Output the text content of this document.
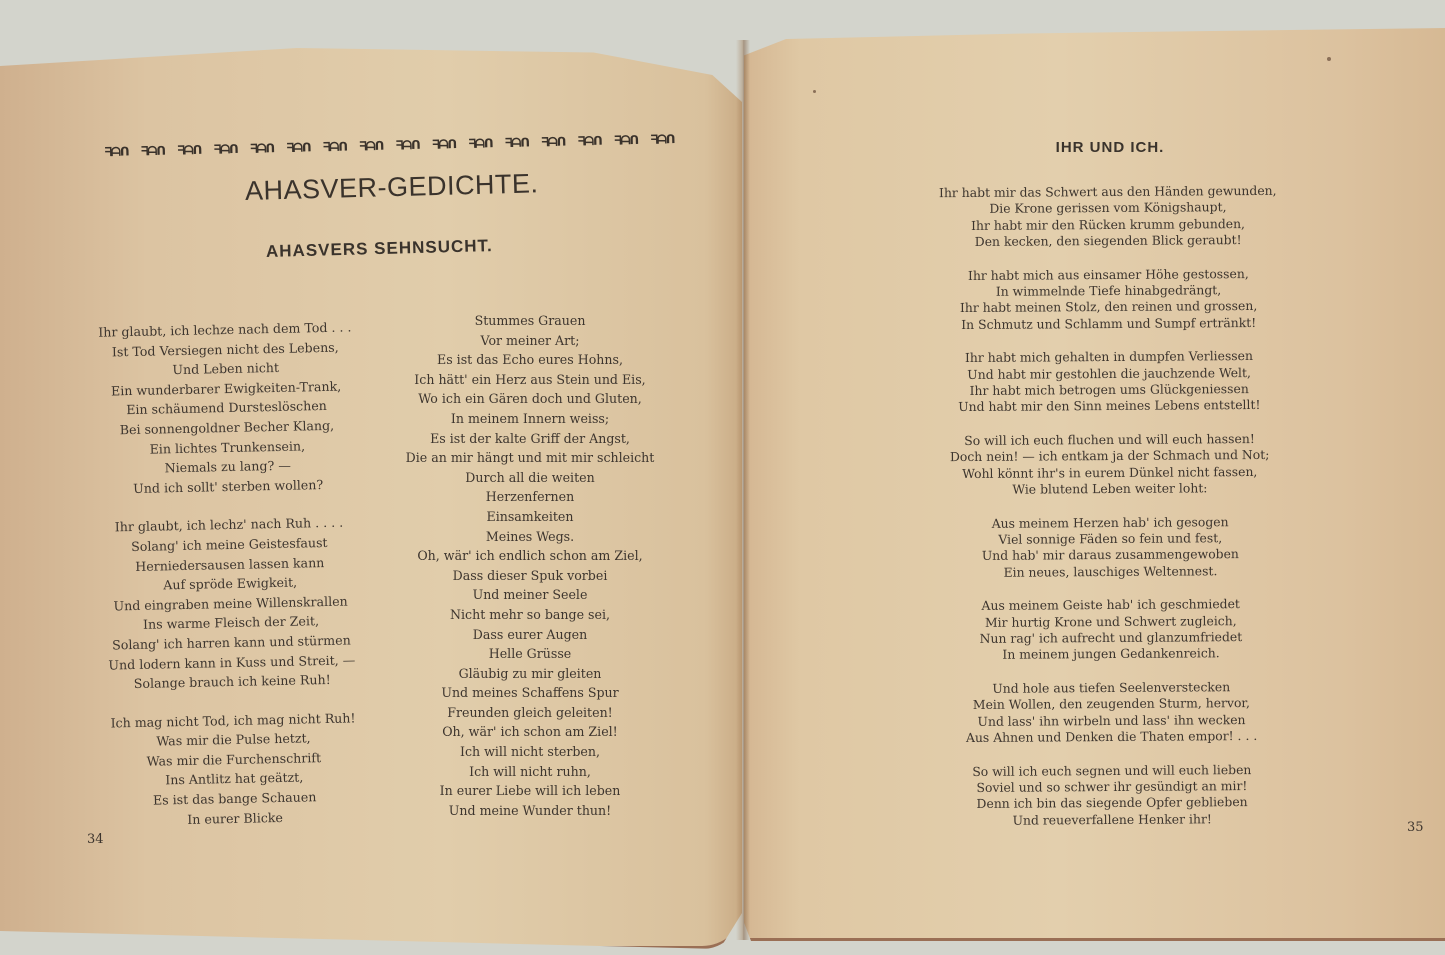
ᖷᗩᑎ ᖷᗩᑎ ᖷᗩᑎ ᖷᗩᑎ ᖷᗩᑎ ᖷᗩᑎ ᖷᗩᑎ ᖷᗩᑎ ᖷᗩᑎ ᖷᗩᑎ ᖷᗩᑎ ᖷᗩᑎ ᖷᗩᑎ ᖷᗩᑎ ᖷᗩᑎ ᖷᗩᑎ
AHASVER-GEDICHTE.
AHASVERS SEHNSUCHT.
Ihr glaubt, ich lechze nach dem Tod . . .
Ist Tod Versiegen nicht des Lebens,
Und Leben nicht
Ein wunderbarer Ewigkeiten-Trank,
Ein schäumend Dursteslöschen
Bei sonnengoldner Becher Klang,
Ein lichtes Trunkensein,
Niemals zu lang? —
Und ich sollt' sterben wollen?
Ihr glaubt, ich lechz' nach Ruh . . . .
Solang' ich meine Geistesfaust
Herniedersausen lassen kann
Auf spröde Ewigkeit,
Und eingraben meine Willenskrallen
Ins warme Fleisch der Zeit,
Solang' ich harren kann und stürmen
Und lodern kann in Kuss und Streit, —
Solange brauch ich keine Ruh!
Ich mag nicht Tod, ich mag nicht Ruh!
Was mir die Pulse hetzt,
Was mir die Furchenschrift
Ins Antlitz hat geätzt,
Es ist das bange Schauen
In eurer Blicke
Stummes Grauen
Vor meiner Art;
Es ist das Echo eures Hohns,
Ich hätt' ein Herz aus Stein und Eis,
Wo ich ein Gären doch und Gluten,
In meinem Innern weiss;
Es ist der kalte Griff der Angst,
Die an mir hängt und mit mir schleicht
Durch all die weiten
Herzenfernen
Einsamkeiten
Meines Wegs.
Oh, wär' ich endlich schon am Ziel,
Dass dieser Spuk vorbei
Und meiner Seele
Nicht mehr so bange sei,
Dass eurer Augen
Helle Grüsse
Gläubig zu mir gleiten
Und meines Schaffens Spur
Freunden gleich geleiten!
Oh, wär' ich schon am Ziel!
Ich will nicht sterben,
Ich will nicht ruhn,
In eurer Liebe will ich leben
Und meine Wunder thun!
34
IHR UND ICH.
Ihr habt mir das Schwert aus den Händen gewunden,
Die Krone gerissen vom Königshaupt,
Ihr habt mir den Rücken krumm gebunden,
Den kecken, den siegenden Blick geraubt!
Ihr habt mich aus einsamer Höhe gestossen,
In wimmelnde Tiefe hinabgedrängt,
Ihr habt meinen Stolz, den reinen und grossen,
In Schmutz und Schlamm und Sumpf ertränkt!
Ihr habt mich gehalten in dumpfen Verliessen
Und habt mir gestohlen die jauchzende Welt,
Ihr habt mich betrogen ums Glückgeniessen
Und habt mir den Sinn meines Lebens entstellt!
So will ich euch fluchen und will euch hassen!
Doch nein! — ich entkam ja der Schmach und Not;
Wohl könnt ihr's in eurem Dünkel nicht fassen,
Wie blutend Leben weiter loht:
Aus meinem Herzen hab' ich gesogen
Viel sonnige Fäden so fein und fest,
Und hab' mir daraus zusammengewoben
Ein neues, lauschiges Weltennest.
Aus meinem Geiste hab' ich geschmiedet
Mir hurtig Krone und Schwert zugleich,
Nun rag' ich aufrecht und glanzumfriedet
In meinem jungen Gedankenreich.
Und hole aus tiefen Seelenverstecken
Mein Wollen, den zeugenden Sturm, hervor,
Und lass' ihn wirbeln und lass' ihn wecken
Aus Ahnen und Denken die Thaten empor! . . .
So will ich euch segnen und will euch lieben
Soviel und so schwer ihr gesündigt an mir!
Denn ich bin das siegende Opfer geblieben
Und reueverfallene Henker ihr!
35
